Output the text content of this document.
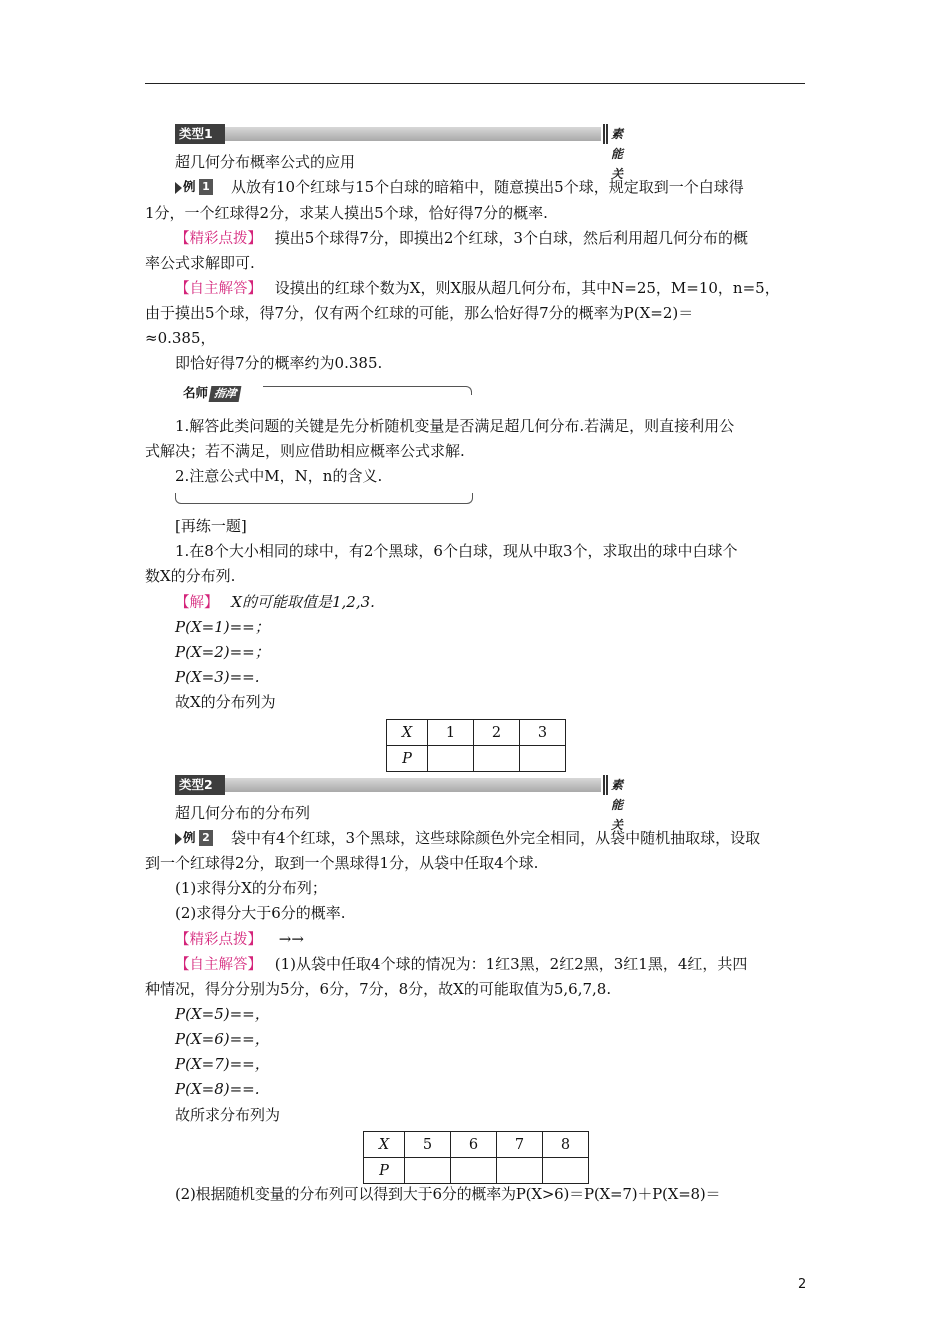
类型1	素能关
超几何分布概率公式的应用
例 1 从放有10个红球与15个白球的暗箱中，随意摸出5个球，规定取到一个白球得
1分，一个红球得2分，求某人摸出5个球，恰好得7分的概率.
【精彩点拨】 摸出5个球得7分，即摸出2个红球，3个白球，然后利用超几何分布的概
率公式求解即可.
【自主解答】 设摸出的红球个数为X，则X服从超几何分布，其中N=25，M=10，n=5，
由于摸出5个球，得7分，仅有两个红球的可能，那么恰好得7分的概率为P(X=2)＝
≈0.385，
即恰好得7分的概率约为0.385.
名师 指津
1.解答此类问题的关键是先分析随机变量是否满足超几何分布.若满足，则直接利用公
式解决；若不满足，则应借助相应概率公式求解.
2.注意公式中M，N，n的含义.
[再练一题]
1.在8个大小相同的球中，有2个黑球，6个白球，现从中取3个，求取出的球中白球个
数X的分布列.
【解】 X的可能取值是1,2,3.
P(X=1)==；
P(X=2)==；
P(X=3)==.
故X的分布列为
X	1	2	3
P			
类型2	素能关
超几何分布的分布列
例 2 袋中有4个红球，3个黑球，这些球除颜色外完全相同，从袋中随机抽取球，设取
到一个红球得2分，取到一个黑球得1分，从袋中任取4个球.
(1)求得分X的分布列；
(2)求得分大于6分的概率.
【精彩点拨】 →→
【自主解答】 (1)从袋中任取4个球的情况为：1红3黑，2红2黑，3红1黑，4红，共四
种情况，得分分别为5分，6分，7分，8分，故X的可能取值为5,6,7,8.
P(X=5)==，
P(X=6)==，
P(X=7)==，
P(X=8)==.
故所求分布列为
X	5	6	7	8
P				
(2)根据随机变量的分布列可以得到大于6分的概率为P(X>6)＝P(X=7)＋P(X=8)＝
2
